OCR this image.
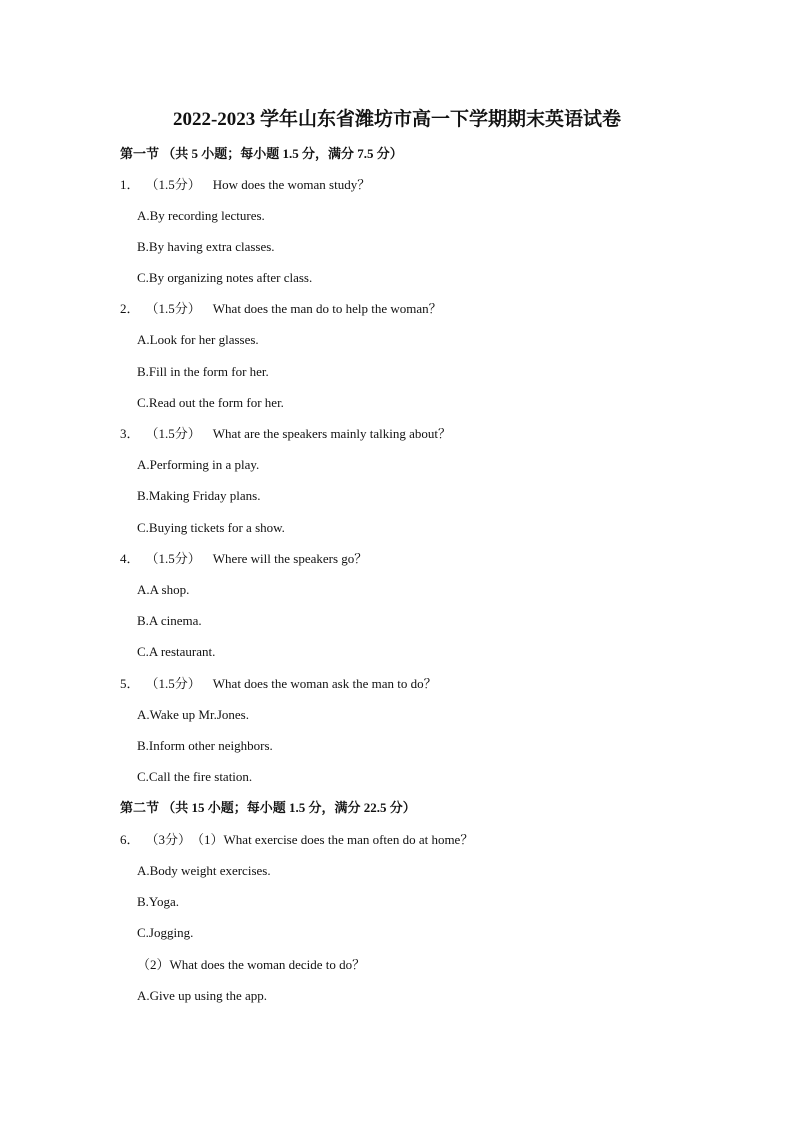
2022-2023 学年山东省潍坊市高一下学期期末英语试卷
第一节 （共 5 小题；每小题 1.5 分，满分 7.5 分）
1． （1.5分） How does the woman study？
A.By recording lectures.
B.By having extra classes.
C.By organizing notes after class.
2． （1.5分） What does the man do to help the woman？
A.Look for her glasses.
B.Fill in the form for her.
C.Read out the form for her.
3． （1.5分） What are the speakers mainly talking about？
A.Performing in a play.
B.Making Friday plans.
C.Buying tickets for a show.
4． （1.5分） Where will the speakers go？
A.A shop.
B.A cinema.
C.A restaurant.
5． （1.5分） What does the woman ask the man to do？
A.Wake up Mr.Jones.
B.Inform other neighbors.
C.Call the fire station.
第二节 （共 15 小题；每小题 1.5 分，满分 22.5 分）
6． （3分）（1）What exercise does the man often do at home？
A.Body weight exercises.
B.Yoga.
C.Jogging.
（2）What does the woman decide to do？
A.Give up using the app.
